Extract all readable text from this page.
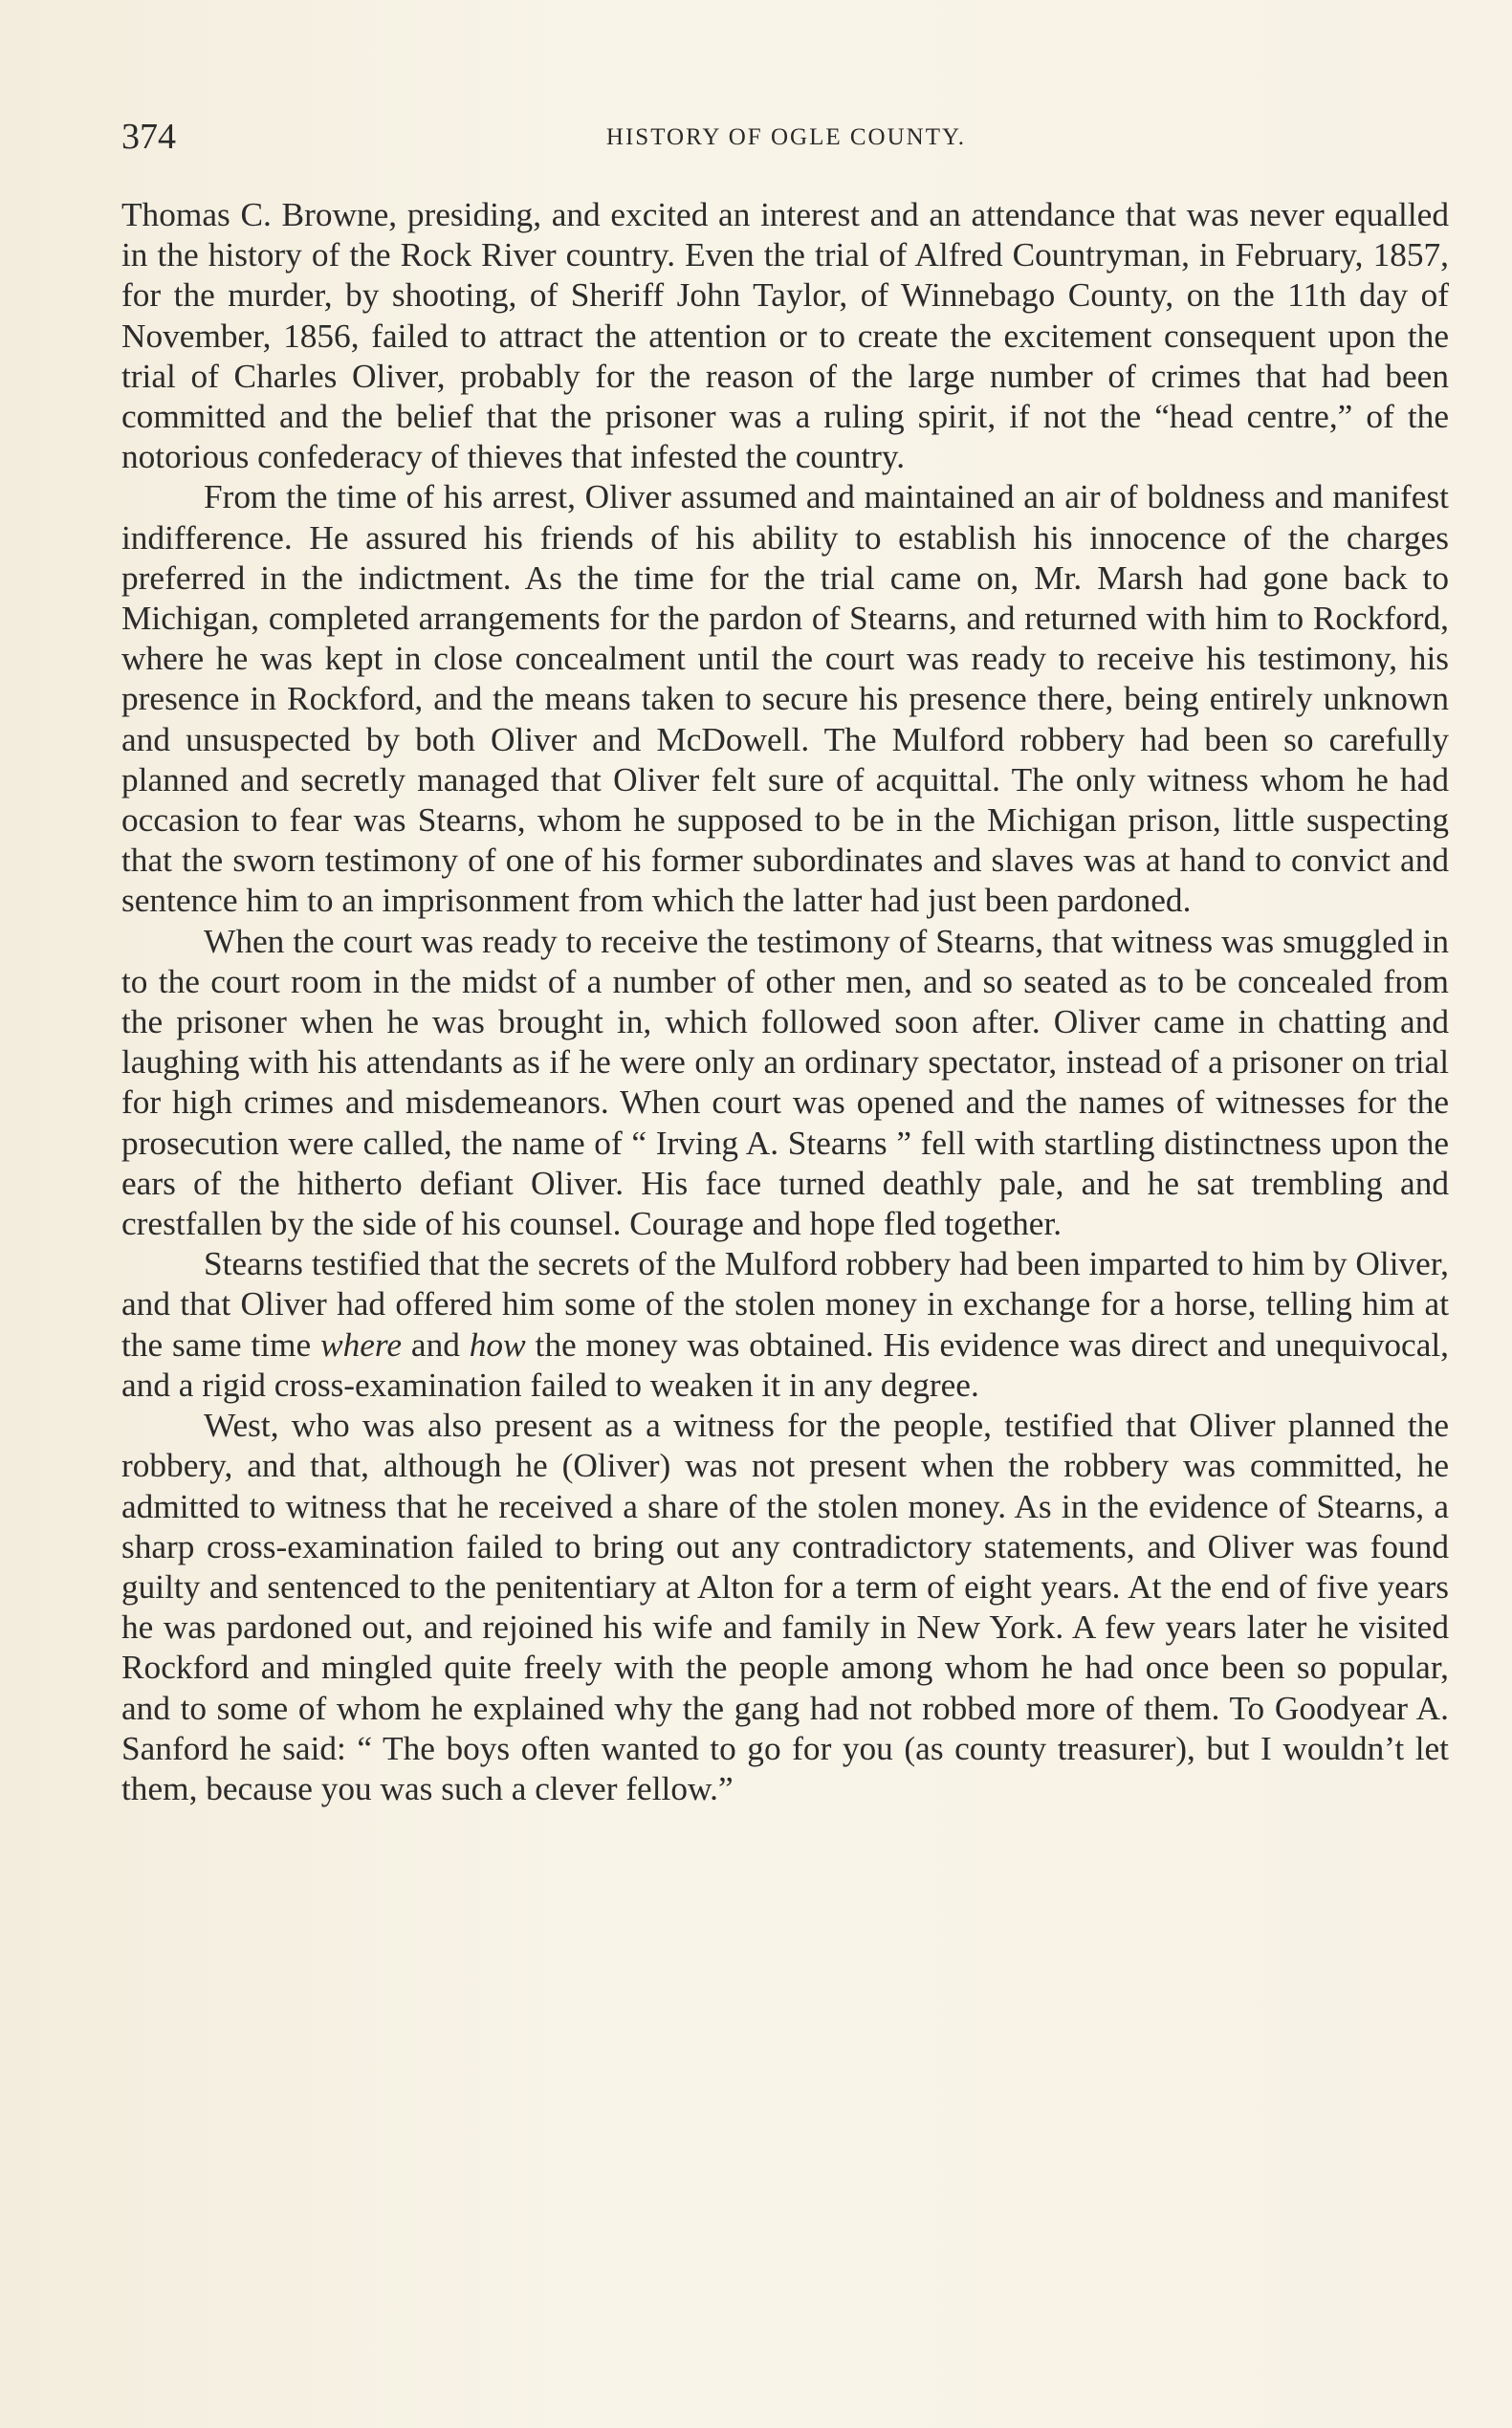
374	HISTORY OF OGLE COUNTY.

Thomas C. Browne, presiding, and excited an interest and an attendance that was never equalled in the history of the Rock River country. Even the trial of Alfred Countryman, in February, 1857, for the murder, by shooting, of Sheriff John Taylor, of Winnebago County, on the 11th day of November, 1856, failed to attract the attention or to create the excitement consequent upon the trial of Charles Oliver, probably for the reason of the large number of crimes that had been committed and the belief that the prisoner was a ruling spirit, if not the “head centre,” of the notorious confederacy of thieves that infested the country.

From the time of his arrest, Oliver assumed and maintained an air of boldness and manifest indifference. He assured his friends of his ability to establish his innocence of the charges preferred in the indictment. As the time for the trial came on, Mr. Marsh had gone back to Michigan, completed arrangements for the pardon of Stearns, and returned with him to Rockford, where he was kept in close concealment until the court was ready to receive his testimony, his presence in Rockford, and the means taken to secure his presence there, being entirely unknown and unsuspected by both Oliver and McDowell. The Mulford robbery had been so carefully planned and secretly managed that Oliver felt sure of acquittal. The only witness whom he had occasion to fear was Stearns, whom he supposed to be in the Michigan prison, little suspecting that the sworn testimony of one of his former subordinates and slaves was at hand to convict and sentence him to an imprisonment from which the latter had just been pardoned.

When the court was ready to receive the testimony of Stearns, that witness was smuggled in to the court room in the midst of a number of other men, and so seated as to be concealed from the prisoner when he was brought in, which followed soon after. Oliver came in chatting and laughing with his attendants as if he were only an ordinary spectator, instead of a prisoner on trial for high crimes and misdemeanors. When court was opened and the names of witnesses for the prosecution were called, the name of “ Irving A. Stearns ” fell with startling distinctness upon the ears of the hitherto defiant Oliver. His face turned deathly pale, and he sat trembling and crestfallen by the side of his counsel. Courage and hope fled together.

Stearns testified that the secrets of the Mulford robbery had been imparted to him by Oliver, and that Oliver had offered him some of the stolen money in exchange for a horse, telling him at the same time where and how the money was obtained. His evidence was direct and unequivocal, and a rigid cross-examination failed to weaken it in any degree.

West, who was also present as a witness for the people, testified that Oliver planned the robbery, and that, although he (Oliver) was not present when the robbery was committed, he admitted to witness that he received a share of the stolen money. As in the evidence of Stearns, a sharp cross-examination failed to bring out any contradictory statements, and Oliver was found guilty and sentenced to the penitentiary at Alton for a term of eight years. At the end of five years he was pardoned out, and rejoined his wife and family in New York. A few years later he visited Rockford and mingled quite freely with the people among whom he had once been so popular, and to some of whom he explained why the gang had not robbed more of them. To Goodyear A. Sanford he said: “ The boys often wanted to go for you (as county treasurer), but I wouldn’t let them, because you was such a clever fellow.”
